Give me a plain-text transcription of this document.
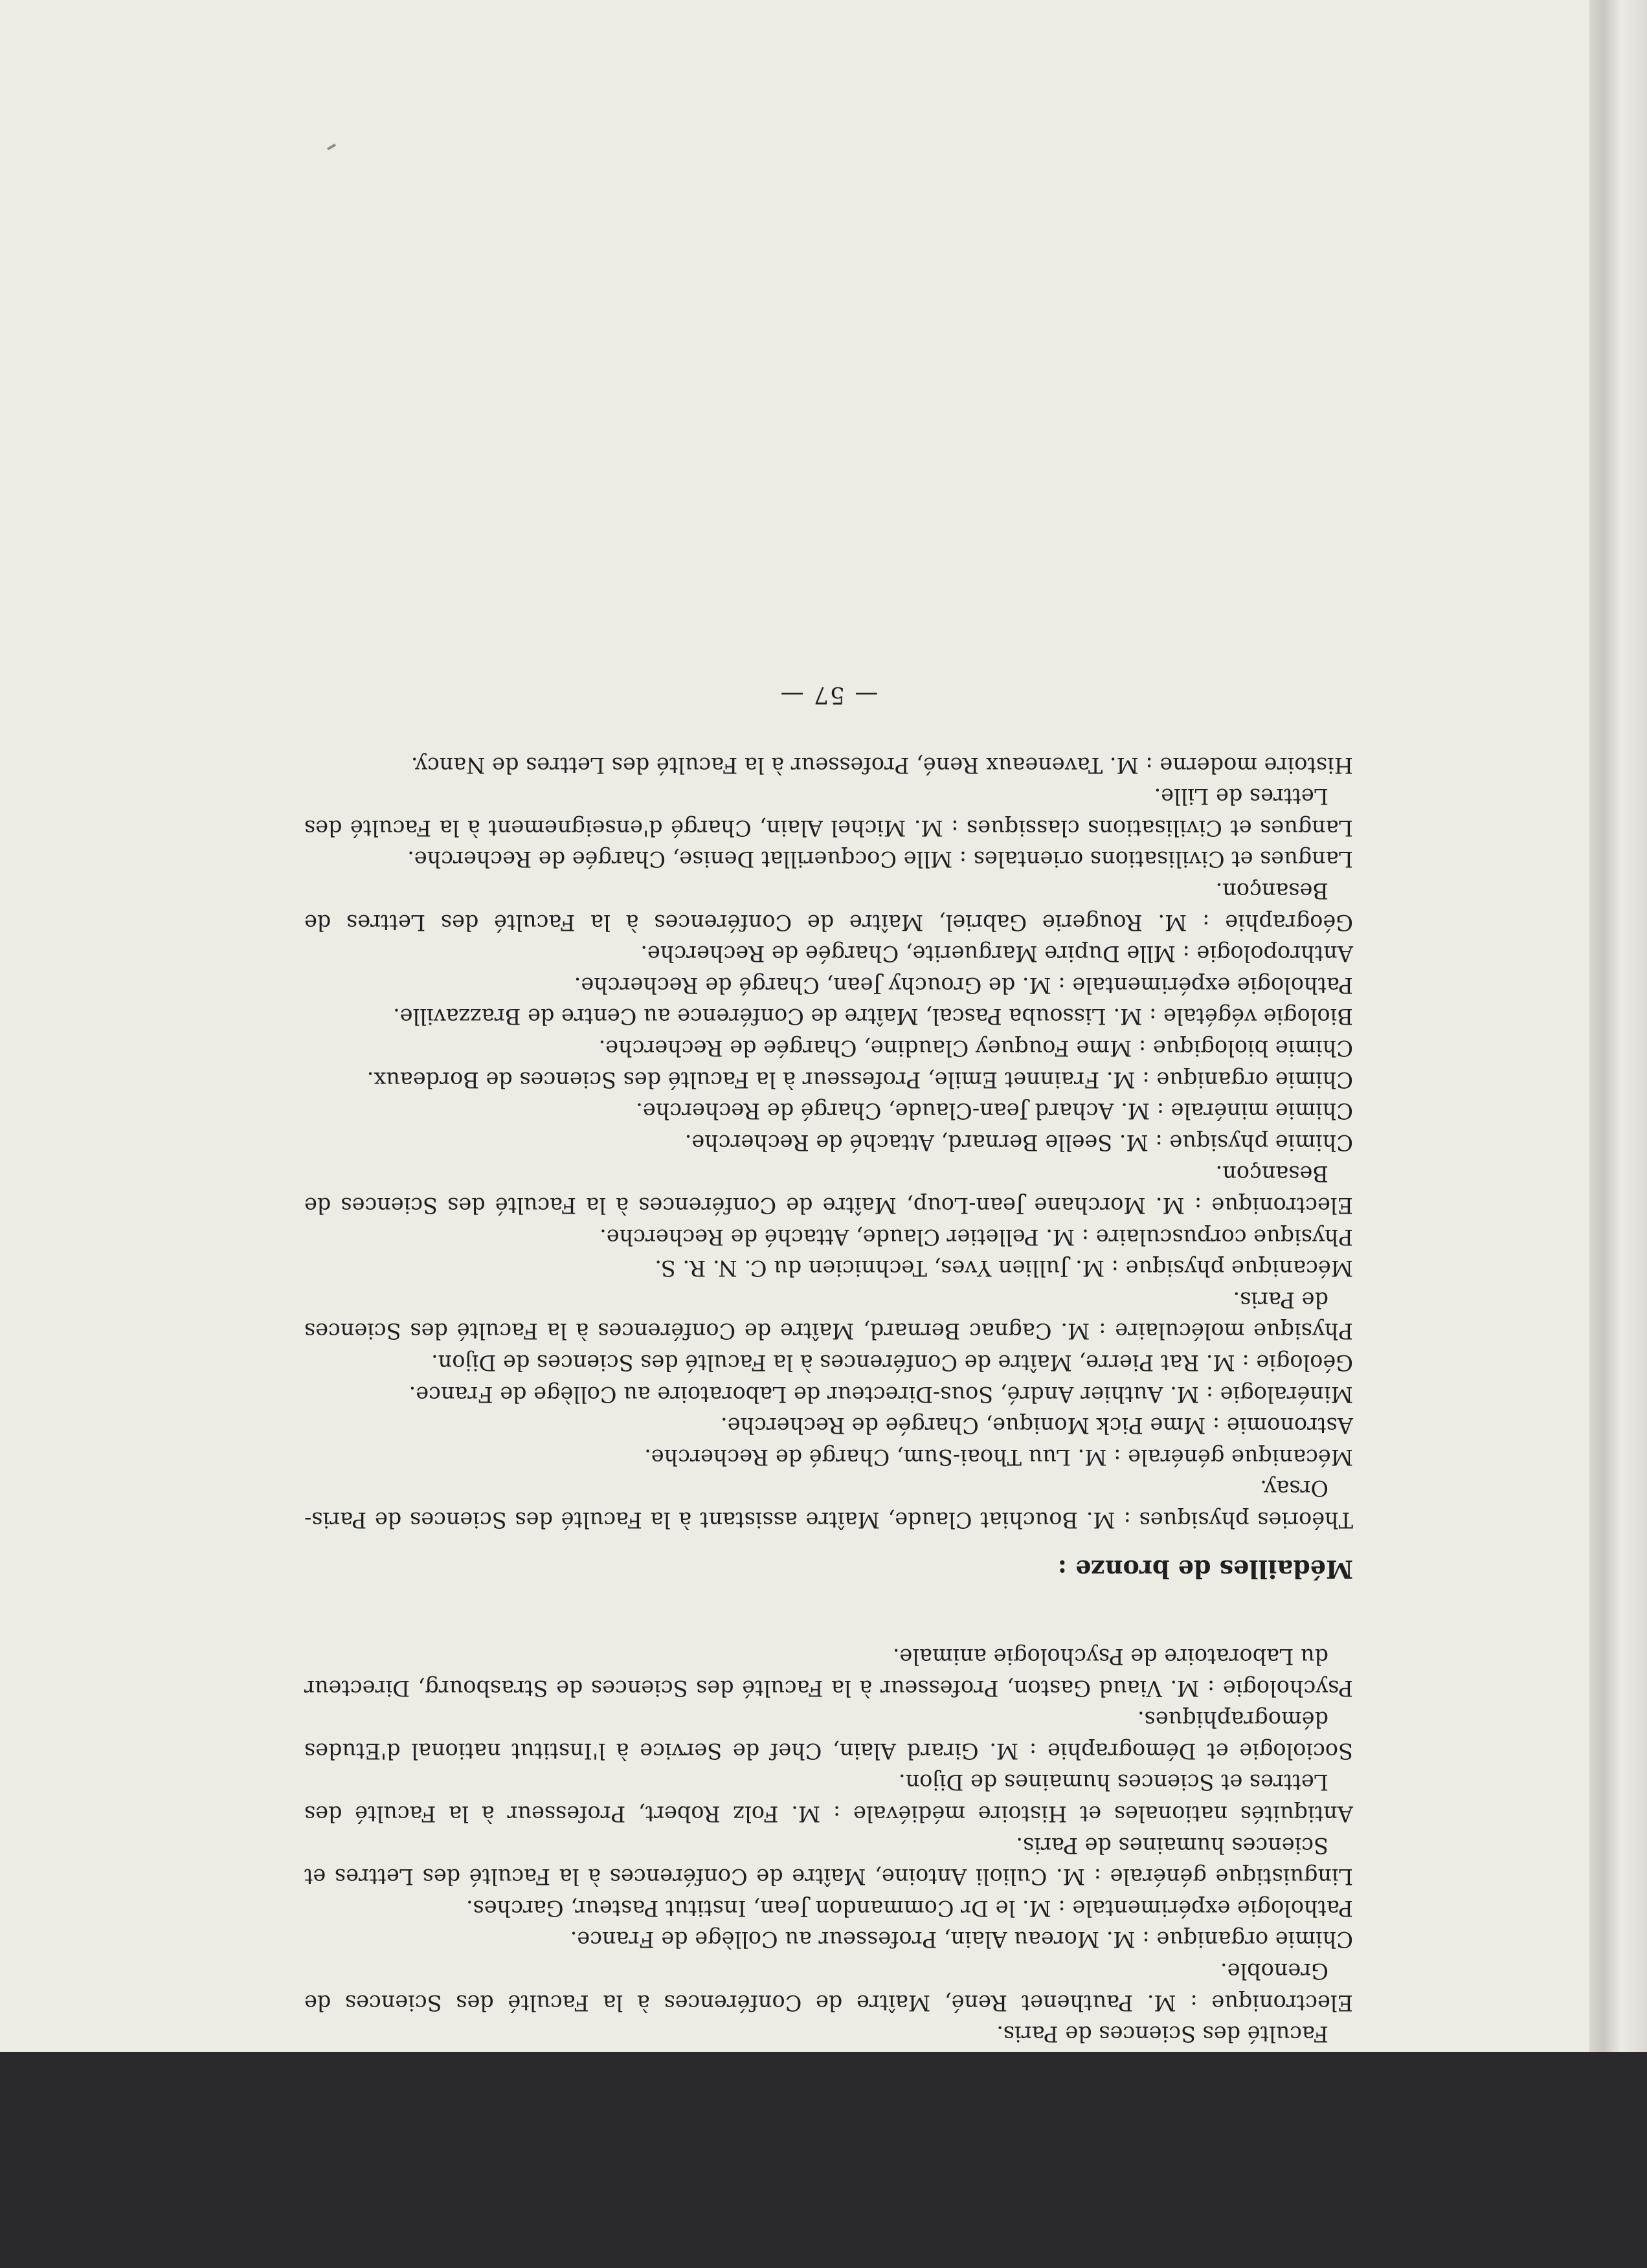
Faculté des Sciences de Paris.
Electronique : M. Pauthenet René, Maître de Conférences à la Faculté des Sciences de Grenoble.
Chimie organique : M. Moreau Alain, Professeur au Collège de France.
Pathologie expérimentale : M. le Dr Commandon Jean, Institut Pasteur, Garches.
Linguistique générale : M. Culioli Antoine, Maître de Conférences à la Faculté des Lettres et Sciences humaines de Paris.
Antiquités nationales et Histoire médiévale : M. Folz Robert, Professeur à la Faculté des Lettres et Sciences humaines de Dijon.
Sociologie et Démographie : M. Girard Alain, Chef de Service à l'Institut national d'Etudes démographiques.
Psychologie : M. Viaud Gaston, Professeur à la Faculté des Sciences de Strasbourg, Directeur du Laboratoire de Psychologie animale.
Médailles de bronze :
Théories physiques : M. Bouchiat Claude, Maître assistant à la Faculté des Sciences de Paris-Orsay.
Mécanique générale : M. Luu Thoai-Sum, Chargé de Recherche.
Astronomie : Mme Pick Monique, Chargée de Recherche.
Minéralogie : M. Authier André, Sous-Directeur de Laboratoire au Collège de France.
Géologie : M. Rat Pierre, Maître de Conférences à la Faculté des Sciences de Dijon.
Physique moléculaire : M. Cagnac Bernard, Maître de Conférences à la Faculté des Sciences de Paris.
Mécanique physique : M. Jullien Yves, Technicien du C. N. R. S.
Physique corpusculaire : M. Pelletier Claude, Attaché de Recherche.
Electronique : M. Morchane Jean-Loup, Maître de Conférences à la Faculté des Sciences de Besançon.
Chimie physique : M. Seelle Bernard, Attaché de Recherche.
Chimie minérale : M. Achard Jean-Claude, Chargé de Recherche.
Chimie organique : M. Frainnet Emile, Professeur à la Faculté des Sciences de Bordeaux.
Chimie biologique : Mme Fouquey Claudine, Chargée de Recherche.
Biologie végétale : M. Lissouba Pascal, Maître de Conférence au Centre de Brazzaville.
Pathologie expérimentale : M. de Grouchy Jean, Chargé de Recherche.
Anthropologie : Mlle Dupire Marguerite, Chargée de Recherche.
Géographie : M. Rougerie Gabriel, Maître de Conférences à la Faculté des Lettres de Besançon.
Langues et Civilisations orientales : Mlle Cocquerillat Denise, Chargée de Recherche.
Langues et Civilisations classiques : M. Michel Alain, Chargé d'enseignement à la Faculté des Lettres de Lille.
Histoire moderne : M. Taveneaux René, Professeur à la Faculté des Lettres de Nancy.
— 57 —
